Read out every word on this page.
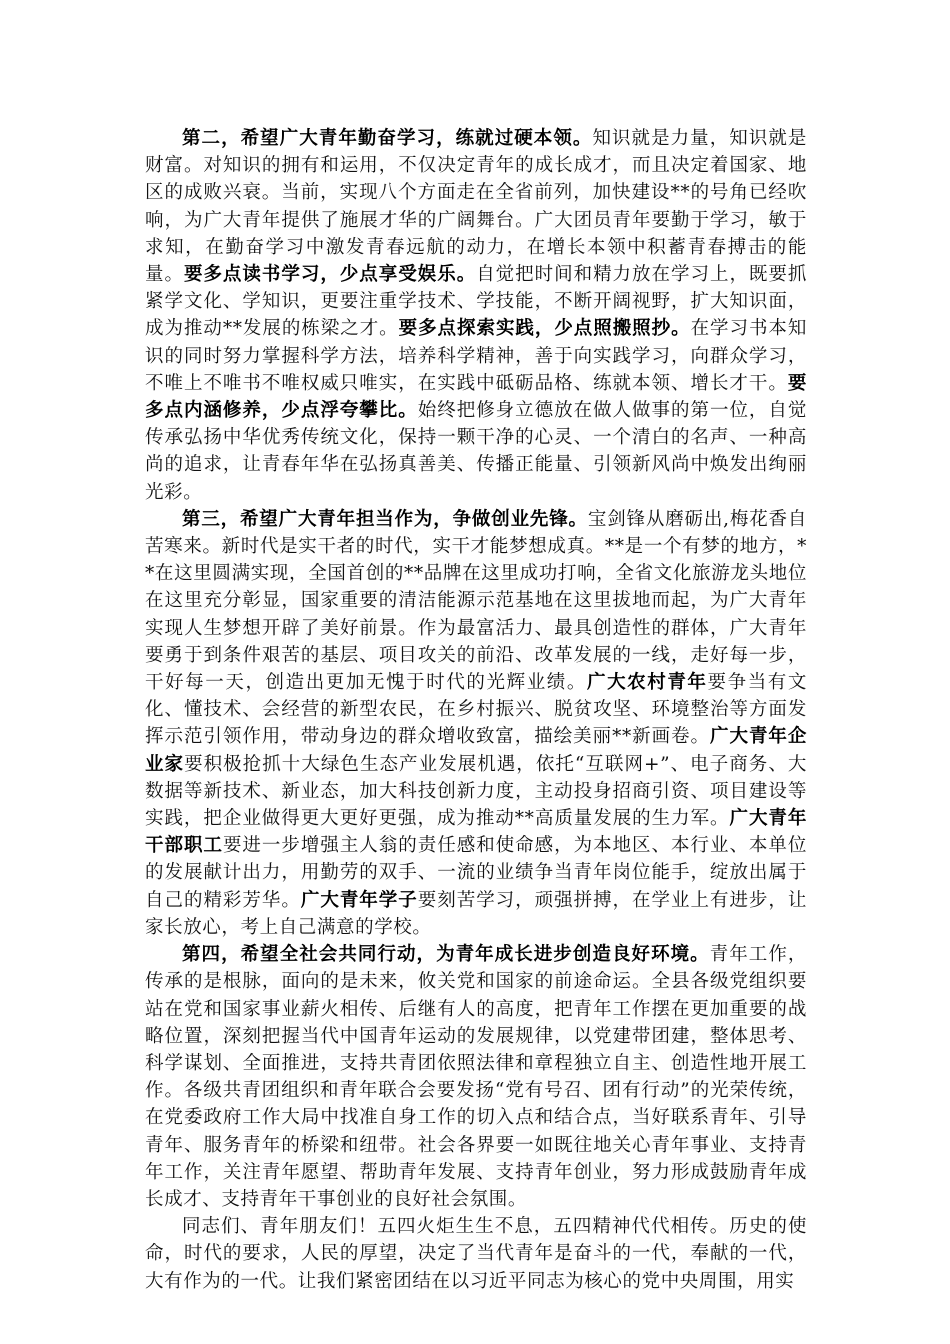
第二，希望广大青年勤奋学习，练就过硬本领。知识就是力量，知识就是财富。对知识的拥有和运用，不仅决定青年的成长成才，而且决定着国家、地区的成败兴衰。当前，实现八个方面走在全省前列，加快建设**的号角已经吹响，为广大青年提供了施展才华的广阔舞台。广大团员青年要勤于学习，敏于求知，在勤奋学习中激发青春远航的动力，在增长本领中积蓄青春搏击的能量。要多点读书学习，少点享受娱乐。自觉把时间和精力放在学习上，既要抓紧学文化、学知识，更要注重学技术、学技能，不断开阔视野，扩大知识面，成为推动**发展的栋梁之才。要多点探索实践，少点照搬照抄。在学习书本知识的同时努力掌握科学方法，培养科学精神，善于向实践学习，向群众学习，不唯上不唯书不唯权威只唯实，在实践中砥砺品格、练就本领、增长才干。要多点内涵修养，少点浮夸攀比。始终把修身立德放在做人做事的第一位，自觉传承弘扬中华优秀传统文化，保持一颗干净的心灵、一个清白的名声、一种高尚的追求，让青春年华在弘扬真善美、传播正能量、引领新风尚中焕发出绚丽光彩。

第三，希望广大青年担当作为，争做创业先锋。宝剑锋从磨砺出,梅花香自苦寒来。新时代是实干者的时代，实干才能梦想成真。**是一个有梦的地方，**在这里圆满实现，全国首创的**品牌在这里成功打响，全省文化旅游龙头地位在这里充分彰显，国家重要的清洁能源示范基地在这里拔地而起，为广大青年实现人生梦想开辟了美好前景。作为最富活力、最具创造性的群体，广大青年要勇于到条件艰苦的基层、项目攻关的前沿、改革发展的一线，走好每一步，干好每一天，创造出更加无愧于时代的光辉业绩。广大农村青年要争当有文化、懂技术、会经营的新型农民，在乡村振兴、脱贫攻坚、环境整治等方面发挥示范引领作用，带动身边的群众增收致富，描绘美丽**新画卷。广大青年企业家要积极抢抓十大绿色生态产业发展机遇，依托“互联网+”、电子商务、大数据等新技术、新业态，加大科技创新力度，主动投身招商引资、项目建设等实践，把企业做得更大更好更强，成为推动**高质量发展的生力军。广大青年干部职工要进一步增强主人翁的责任感和使命感，为本地区、本行业、本单位的发展献计出力，用勤劳的双手、一流的业绩争当青年岗位能手，绽放出属于自己的精彩芳华。广大青年学子要刻苦学习，顽强拼搏，在学业上有进步，让家长放心，考上自己满意的学校。

第四，希望全社会共同行动，为青年成长进步创造良好环境。青年工作，传承的是根脉，面向的是未来，攸关党和国家的前途命运。全县各级党组织要站在党和国家事业薪火相传、后继有人的高度，把青年工作摆在更加重要的战略位置，深刻把握当代中国青年运动的发展规律，以党建带团建，整体思考、科学谋划、全面推进，支持共青团依照法律和章程独立自主、创造性地开展工作。各级共青团组织和青年联合会要发扬“党有号召、团有行动”的光荣传统，在党委政府工作大局中找准自身工作的切入点和结合点，当好联系青年、引导青年、服务青年的桥梁和纽带。社会各界要一如既往地关心青年事业、支持青年工作，关注青年愿望、帮助青年发展、支持青年创业，努力形成鼓励青年成长成才、支持青年干事创业的良好社会氛围。

同志们、青年朋友们！五四火炬生生不息，五四精神代代相传。历史的使命，时代的要求，人民的厚望，决定了当代青年是奋斗的一代，奉献的一代，大有作为的一代。让我们紧密团结在以习近平同志为核心的党中央周围，用实
